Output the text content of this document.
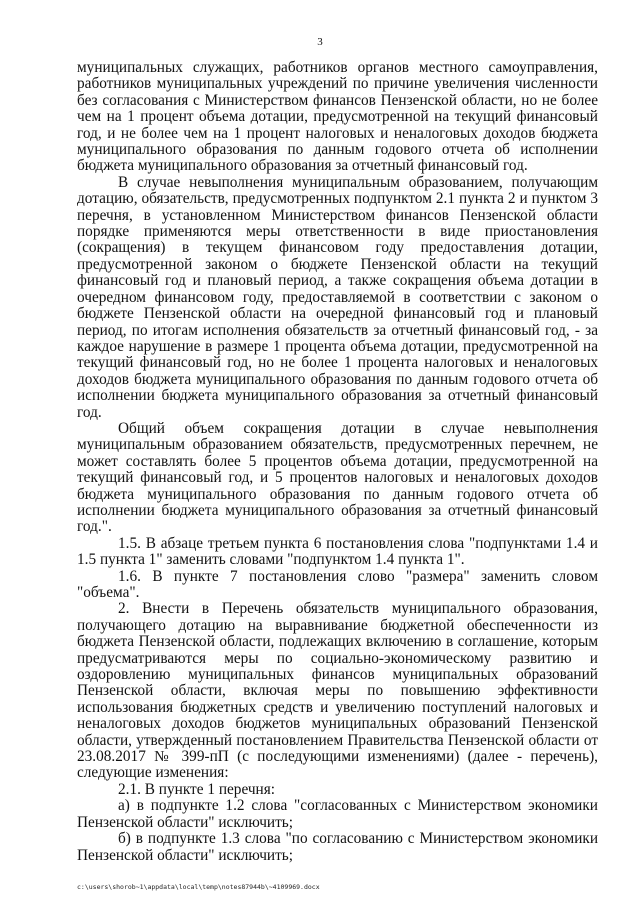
3

муниципальных служащих, работников органов местного самоуправления, работников муниципальных учреждений по причине увеличения численности без согласования с Министерством финансов Пензенской области, но не более чем на 1 процент объема дотации, предусмотренной на текущий финансовый год, и не более чем на 1 процент налоговых и неналоговых доходов бюджета муниципального образования по данным годового отчета об исполнении бюджета муниципального образования за отчетный финансовый год.

В случае невыполнения муниципальным образованием, получающим дотацию, обязательств, предусмотренных подпунктом 2.1 пункта 2 и пунктом 3 перечня, в установленном Министерством финансов Пензенской области порядке применяются меры ответственности в виде приостановления (сокращения) в текущем финансовом году предоставления дотации, предусмотренной законом о бюджете Пензенской области на текущий финансовый год и плановый период, а также сокращения объема дотации в очередном финансовом году, предоставляемой в соответствии с законом о бюджете Пензенской области на очередной финансовый год и плановый период, по итогам исполнения обязательств за отчетный финансовый год, - за каждое нарушение в размере 1 процента объема дотации, предусмотренной на текущий финансовый год, но не более 1 процента налоговых и неналоговых доходов бюджета муниципального образования по данным годового отчета об исполнении бюджета муниципального образования за отчетный финансовый год.

Общий объем сокращения дотации в случае невыполнения муниципальным образованием обязательств, предусмотренных перечнем, не может составлять более 5 процентов объема дотации, предусмотренной на текущий финансовый год, и 5 процентов налоговых и неналоговых доходов бюджета муниципального образования по данным годового отчета об исполнении бюджета муниципального образования за отчетный финансовый год.".

1.5. В абзаце третьем пункта 6 постановления слова "подпунктами 1.4 и 1.5 пункта 1" заменить словами "подпунктом 1.4 пункта 1".

1.6. В пункте 7 постановления слово "размера" заменить словом "объема".

2. Внести в Перечень обязательств муниципального образования, получающего дотацию на выравнивание бюджетной обеспеченности из бюджета Пензенской области, подлежащих включению в соглашение, которым предусматриваются меры по социально-экономическому развитию и оздоровлению муниципальных финансов муниципальных образований Пензенской области, включая меры по повышению эффективности использования бюджетных средств и увеличению поступлений налоговых и неналоговых доходов бюджетов муниципальных образований Пензенской области, утвержденный постановлением Правительства Пензенской области от 23.08.2017 № 399-пП (с последующими изменениями) (далее - перечень), следующие изменения:

2.1. В пункте 1 перечня:

а) в подпункте 1.2 слова "согласованных с Министерством экономики Пензенской области" исключить;

б) в подпункте 1.3 слова "по согласованию с Министерством экономики Пензенской области" исключить;

c:\users\shorob~1\appdata\local\temp\notes87944b\~4109969.docx
